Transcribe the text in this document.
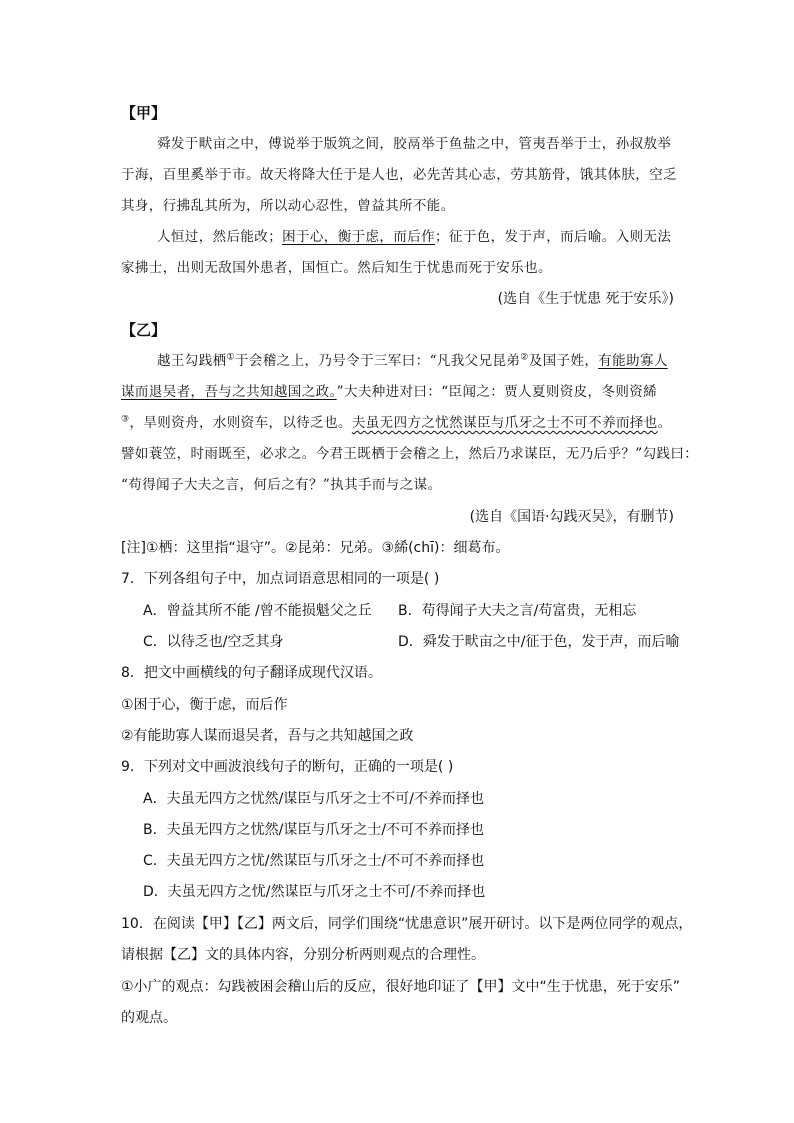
【甲】
舜发于畎亩之中，傅说举于版筑之间，胶鬲举于鱼盐之中，管夷吾举于士，孙叔敖举
于海，百里奚举于市。故天将降大任于是人也，必先苦其心志，劳其筋骨，饿其体肤，空乏
其身，行拂乱其所为，所以动心忍性，曾益其所不能。
人恒过，然后能改；困于心，衡于虑，而后作；征于色，发于声，而后喻。入则无法
家拂士，出则无敌国外患者，国恒亡。然后知生于忧患而死于安乐也。
(选自《生于忧患 死于安乐》)
【乙】
越王勾践栖①于会稽之上，乃号令于三军曰：“凡我父兄昆弟②及国子姓，有能助寡人
谋而退吴者，吾与之共知越国之政。”大夫种进对曰：“臣闻之：贾人夏则资皮，冬则资絺
③，旱则资舟，水则资车，以待乏也。夫虽无四方之忧然谋臣与爪牙之士不可不养而择也。
譬如蓑笠，时雨既至，必求之。今君王既栖于会稽之上，然后乃求谋臣，无乃后乎？”勾践曰：
“苟得闻子大夫之言，何后之有？”执其手而与之谋。
(选自《国语·勾践灭吴》，有删节)
[注]①栖：这里指“退守”。②昆弟：兄弟。③絺(chī)：细葛布。
7．下列各组句子中，加点词语意思相同的一项是( )
A．曾益其所不能 /曾不能损魁父之丘 B．苟得闻子大夫之言/苟富贵，无相忘
C．以待乏也/空乏其身	D．舜发于畎亩之中/征于色，发于声，而后喻
8．把文中画横线的句子翻译成现代汉语。
①困于心，衡于虑，而后作
②有能助寡人谋而退吴者，吾与之共知越国之政
9．下列对文中画波浪线句子的断句，正确的一项是( )
A．夫虽无四方之忧然/谋臣与爪牙之士不可/不养而择也
B．夫虽无四方之忧然/谋臣与爪牙之士/不可不养而择也
C．夫虽无四方之忧/然谋臣与爪牙之士/不可不养而择也
D．夫虽无四方之忧/然谋臣与爪牙之士不可/不养而择也
10．在阅读【甲】【乙】两文后，同学们围绕“忧患意识”展开研讨。以下是两位同学的观点，
请根据【乙】文的具体内容，分别分析两则观点的合理性。
①小广的观点：勾践被困会稽山后的反应，很好地印证了【甲】文中“生于忧患，死于安乐”
的观点。
